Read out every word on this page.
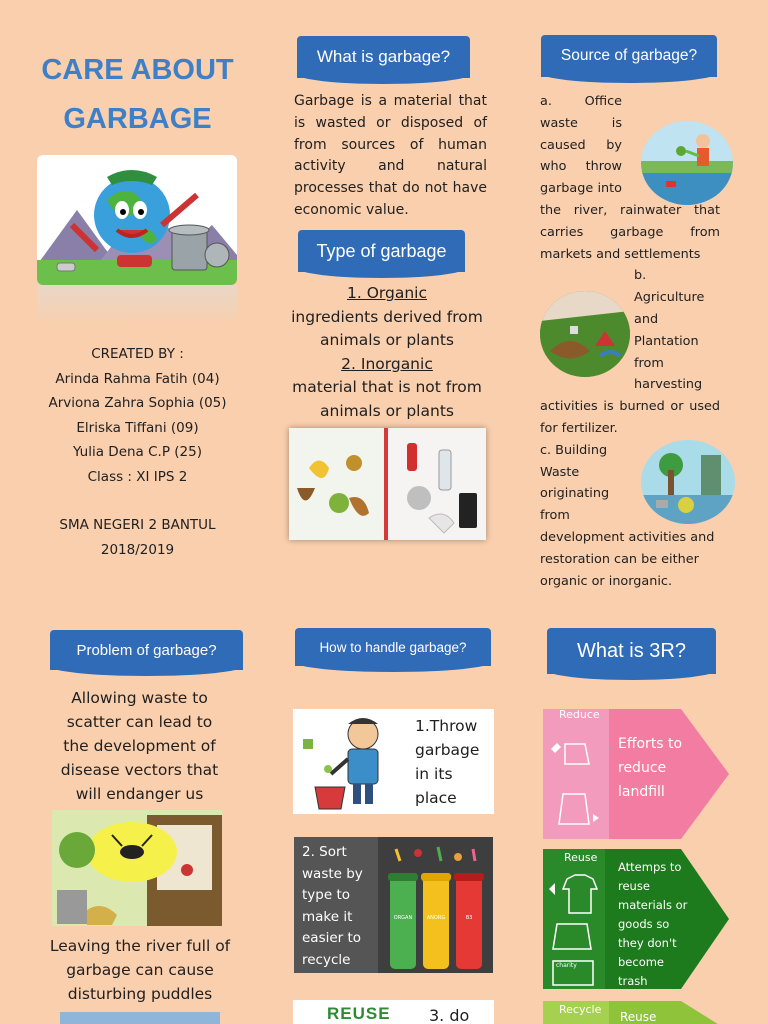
CARE ABOUT
GARBAGE
CREATED BY :
Arinda Rahma Fatih (04)
Arviona Zahra Sophia (05)
Elriska Tiffani (09)
Yulia Dena C.P (25)
Class : XI IPS 2
SMA NEGERI 2 BANTUL
2018/2019
What is garbage?
Garbage is a material that is wasted or disposed of from sources of human activity and natural processes that do not have economic value.
Type of garbage
1. Organic
ingredients derived from animals or plants
2. Inorganic
material that is not from animals or plants
Source of garbage?
a. Office waste is caused by who throw garbage into the river, rainwater that carries garbage from markets and settlements
b. Agriculture and Plantation from harvesting activities is burned or used for fertilizer.
c. Building Waste originating from development activities and restoration can be either organic or inorganic.
Problem of garbage?
Allowing waste to scatter can lead to the development of disease vectors that will endanger us
Leaving the river full of garbage can cause disturbing puddles
How to handle garbage?
1.Throw garbage in its place
2. Sort waste by type to make it easier to recycle
ORGAN	ANORG	B3
REUSE 3. do
What is 3R?
Reduce
Efforts to reduce landfill
Reuse
Attemps to reuse materials or goods so they don't become trash
charity
Recycle
Reuse
